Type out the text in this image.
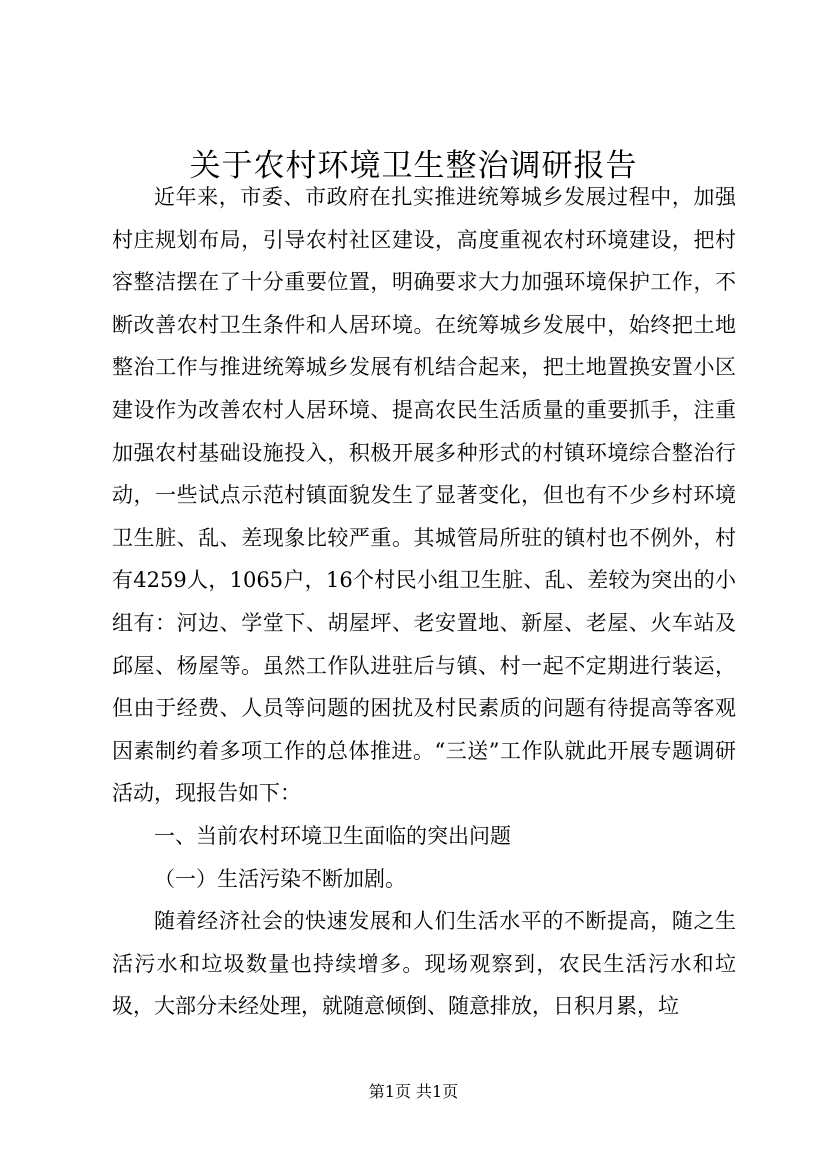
关于农村环境卫生整治调研报告

近年来，市委、市政府在扎实推进统筹城乡发展过程中，加强村庄规划布局，引导农村社区建设，高度重视农村环境建设，把村容整洁摆在了十分重要位置，明确要求大力加强环境保护工作，不断改善农村卫生条件和人居环境。在统筹城乡发展中，始终把土地整治工作与推进统筹城乡发展有机结合起来，把土地置换安置小区建设作为改善农村人居环境、提高农民生活质量的重要抓手，注重加强农村基础设施投入，积极开展多种形式的村镇环境综合整治行动，一些试点示范村镇面貌发生了显著变化，但也有不少乡村环境卫生脏、乱、差现象比较严重。其城管局所驻的镇村也不例外，村有4259人，1065户，16个村民小组卫生脏、乱、差较为突出的小组有：河边、学堂下、胡屋坪、老安置地、新屋、老屋、火车站及邱屋、杨屋等。虽然工作队进驻后与镇、村一起不定期进行装运，但由于经费、人员等问题的困扰及村民素质的问题有待提高等客观因素制约着多项工作的总体推进。“三送”工作队就此开展专题调研活动，现报告如下：

一、当前农村环境卫生面临的突出问题

（一）生活污染不断加剧。

随着经济社会的快速发展和人们生活水平的不断提高，随之生活污水和垃圾数量也持续增多。现场观察到，农民生活污水和垃圾，大部分未经处理，就随意倾倒、随意排放，日积月累，垃

第1页 共1页
